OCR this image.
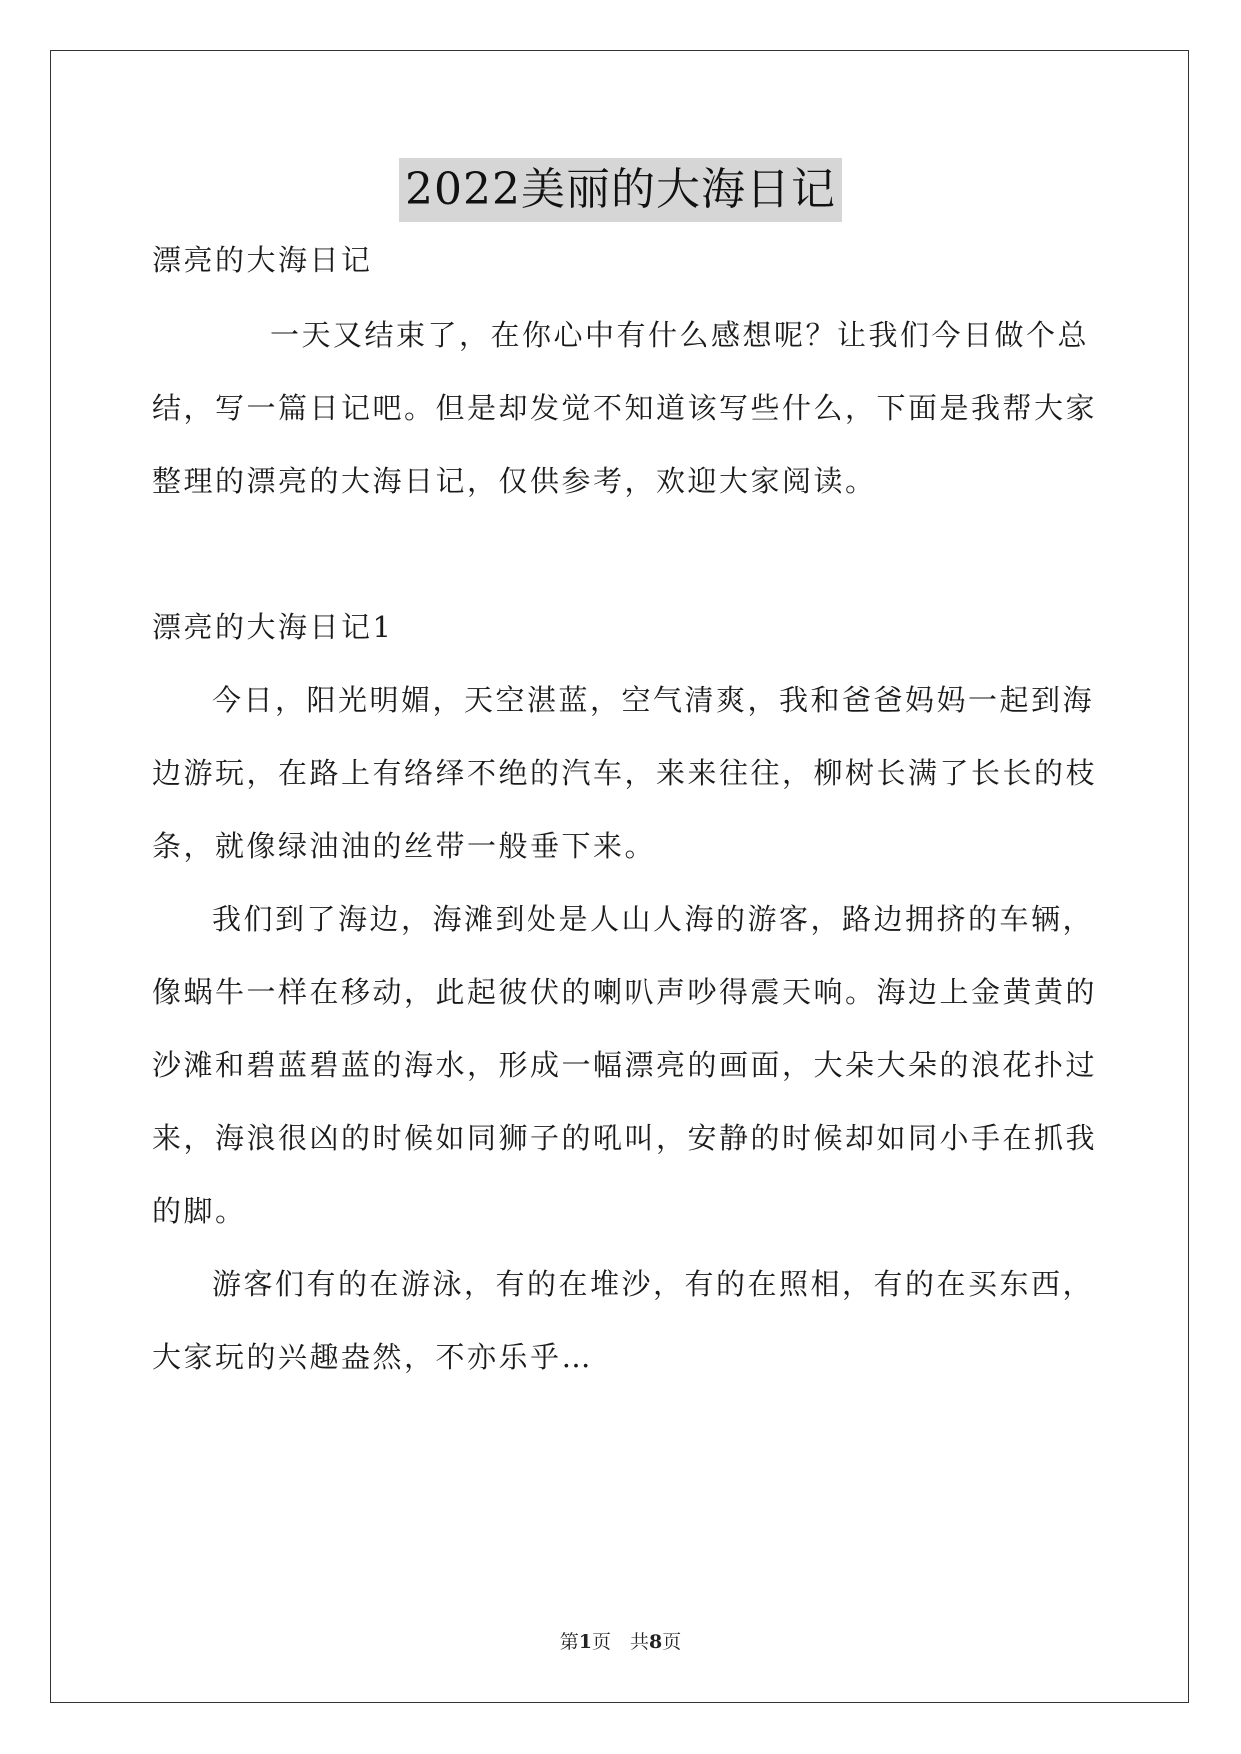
2022美丽的大海日记
漂亮的大海日记
一天又结束了，在你心中有什么感想呢？让我们今日做个总
结，写一篇日记吧。但是却发觉不知道该写些什么，下面是我帮大家
整理的漂亮的大海日记，仅供参考，欢迎大家阅读。
漂亮的大海日记1
今日，阳光明媚，天空湛蓝，空气清爽，我和爸爸妈妈一起到海
边游玩，在路上有络绎不绝的汽车，来来往往，柳树长满了长长的枝
条，就像绿油油的丝带一般垂下来。
我们到了海边，海滩到处是人山人海的游客，路边拥挤的车辆，
像蜗牛一样在移动，此起彼伏的喇叭声吵得震天响。海边上金黄黄的
沙滩和碧蓝碧蓝的海水，形成一幅漂亮的画面，大朵大朵的浪花扑过
来，海浪很凶的时候如同狮子的吼叫，安静的时候却如同小手在抓我
的脚。
游客们有的在游泳，有的在堆沙，有的在照相，有的在买东西，
大家玩的兴趣盎然，不亦乐乎…
第1页　共8页
